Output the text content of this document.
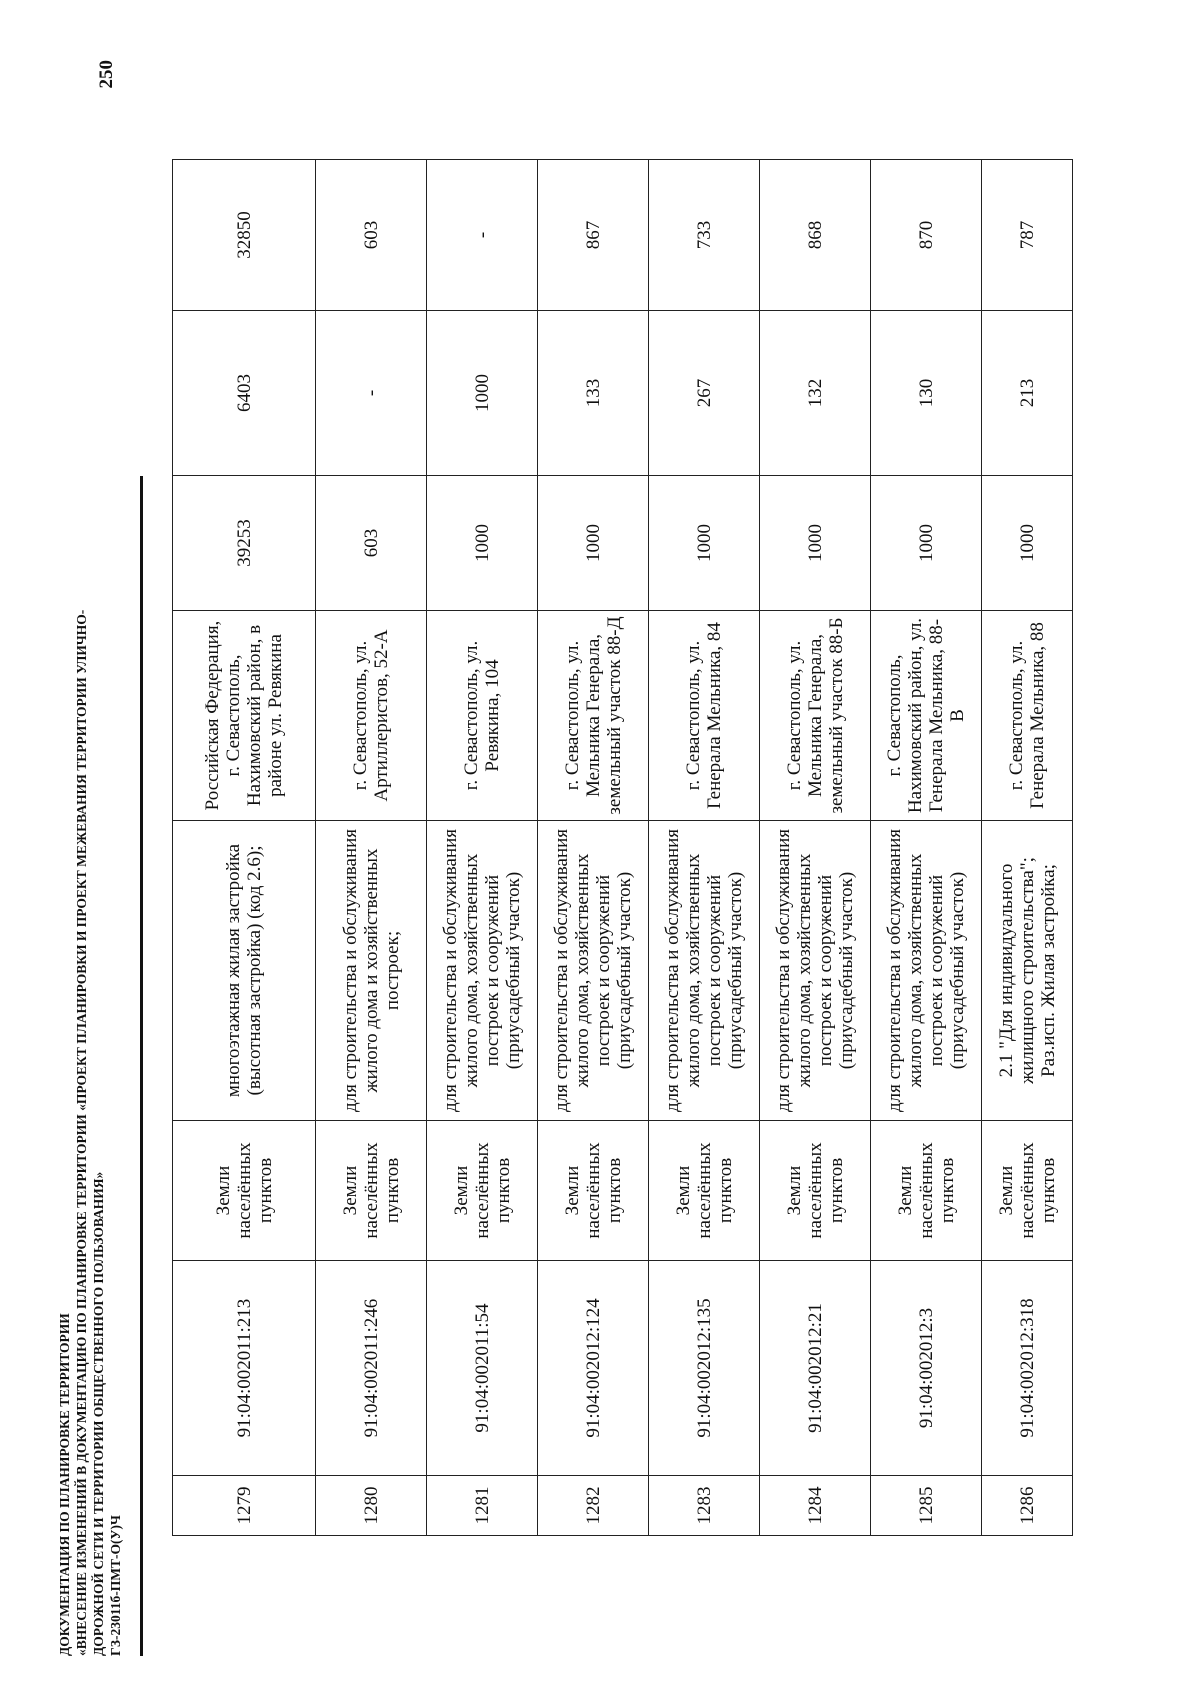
ДОКУМЕНТАЦИЯ ПО ПЛАНИРОВКЕ ТЕРРИТОРИИ «ВНЕСЕНИЕ ИЗМЕНЕНИЙ В ДОКУМЕНТАЦИЮ ПО ПЛАНИРОВКЕ ТЕРРИТОРИИ «ПРОЕКТ ПЛАНИРОВКИ И ПРОЕКТ МЕЖЕВАНИЯ ТЕРРИТОРИИ УЛИЧНО- ДОРОЖНОЙ СЕТИ И ТЕРРИТОРИИ ОБЩЕСТВЕННОГО ПОЛЬЗОВАНИЯ» ГЗ-23011б-ПМТ-О(У)Ч
250
1279	91:04:002011:213	Земли населённых пунктов	многоэтажная жилая застройка (высотная застройка) (код 2.6);	Российская Федерация, г. Севастополь, Нахимовский район, в районе ул. Ревякина	39253	6403	32850
1280	91:04:002011:246	Земли населённых пунктов	для строительства и обслуживания жилого дома и хозяйственных построек;	г. Севастополь, ул. Артиллеристов, 52-А	603	-	603
1281	91:04:002011:54	Земли населённых пунктов	для строительства и обслуживания жилого дома, хозяйственных построек и сооружений (приусадебный участок)	г. Севастополь, ул. Ревякина, 104	1000	1000	-
1282	91:04:002012:124	Земли населённых пунктов	для строительства и обслуживания жилого дома, хозяйственных построек и сооружений (приусадебный участок)	г. Севастополь, ул. Мельника Генерала, земельный участок 88-Д	1000	133	867
1283	91:04:002012:135	Земли населённых пунктов	для строительства и обслуживания жилого дома, хозяйственных построек и сооружений (приусадебный участок)	г. Севастополь, ул. Генерала Мельника, 84	1000	267	733
1284	91:04:002012:21	Земли населённых пунктов	для строительства и обслуживания жилого дома, хозяйственных построек и сооружений (приусадебный участок)	г. Севастополь, ул. Мельника Генерала, земельный участок 88-Б	1000	132	868
1285	91:04:002012:3	Земли населённых пунктов	для строительства и обслуживания жилого дома, хозяйственных построек и сооружений (приусадебный участок)	г. Севастополь, Нахимовский район, ул. Генерала Мельника, 88-В	1000	130	870
1286	91:04:002012:318	Земли населённых пунктов	2.1 "Для индивидуального жилищного строительства"; Раз.исп. Жилая застройка;	г. Севастополь, ул. Генерала Мельника, 88	1000	213	787
